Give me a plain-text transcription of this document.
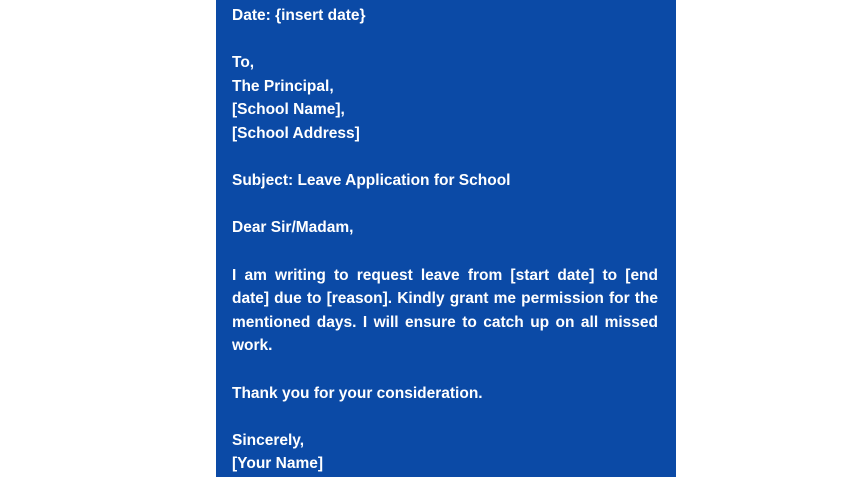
Date: {insert date}
To,
The Principal,
[School Name],
[School Address]
Subject: Leave Application for School
Dear Sir/Madam,
I am writing to request leave from [start date] to [end date] due to [reason]. Kindly grant me permission for the mentioned days. I will ensure to catch up on all missed work.
Thank you for your consideration.
Sincerely,
[Your Name]
